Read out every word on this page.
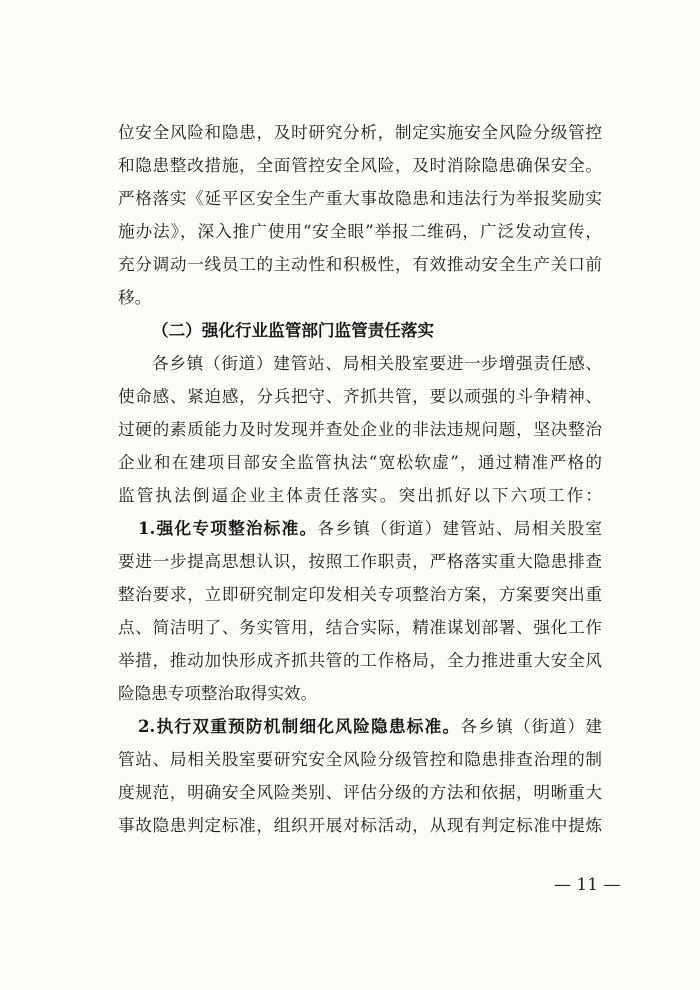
位安全风险和隐患，及时研究分析，制定实施安全风险分级管控
和隐患整改措施，全面管控安全风险，及时消除隐患确保安全。
严格落实《延平区安全生产重大事故隐患和违法行为举报奖励实
施办法》，深入推广使用“安全眼”举报二维码，广泛发动宣传，
充分调动一线员工的主动性和积极性，有效推动安全生产关口前
移。
（二）强化行业监管部门监管责任落实
各乡镇（街道）建管站、局相关股室要进一步增强责任感、
使命感、紧迫感，分兵把守、齐抓共管，要以顽强的斗争精神、
过硬的素质能力及时发现并查处企业的非法违规问题，坚决整治
企业和在建项目部安全监管执法“宽松软虚”，通过精准严格的
监管执法倒逼企业主体责任落实。突出抓好以下六项工作：
1.强化专项整治标准。各乡镇（街道）建管站、局相关股室
要进一步提高思想认识，按照工作职责，严格落实重大隐患排查
整治要求，立即研究制定印发相关专项整治方案，方案要突出重
点、简洁明了、务实管用，结合实际，精准谋划部署、强化工作
举措，推动加快形成齐抓共管的工作格局，全力推进重大安全风
险隐患专项整治取得实效。
2.执行双重预防机制细化风险隐患标准。各乡镇（街道）建
管站、局相关股室要研究安全风险分级管控和隐患排查治理的制
度规范，明确安全风险类别、评估分级的方法和依据，明晰重大
事故隐患判定标准，组织开展对标活动，从现有判定标准中提炼
— 11 —
